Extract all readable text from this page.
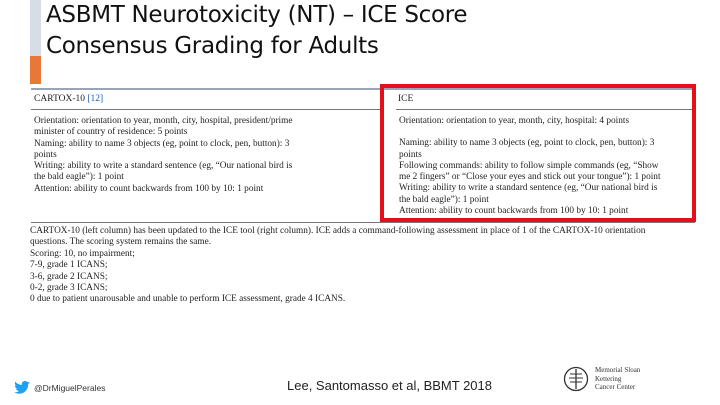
ASBMT Neurotoxicity (NT) – ICE Score
Consensus Grading for Adults
CARTOX-10 [12]	ICE

Orientation: orientation to year, month, city, hospital, president/prime

minister of country of residence: 5 points

Naming: ability to name 3 objects (eg, point to clock, pen, button): 3

points

Writing: ability to write a standard sentence (eg, “Our national bird is

the bald eagle”): 1 point

Attention: ability to count backwards from 100 by 10: 1 point

Orientation: orientation to year, month, city, hospital: 4 points

Naming: ability to name 3 objects (eg, point to clock, pen, button): 3

points

Following commands: ability to follow simple commands (eg, “Show

me 2 fingers” or “Close your eyes and stick out your tongue”): 1 point

Writing: ability to write a standard sentence (eg, “Our national bird is

the bald eagle”): 1 point

Attention: ability to count backwards from 100 by 10: 1 point

CARTOX-10 (left column) has been updated to the ICE tool (right column). ICE adds a command-following assessment in place of 1 of the CARTOX-10 orientation

questions. The scoring system remains the same.

Scoring: 10, no impairment;

7-9, grade 1 ICANS;

3-6, grade 2 ICANS;

0-2, grade 3 ICANS;

0 due to patient unarousable and unable to perform ICE assessment, grade 4 ICANS.

@DrMiguelPerales	Lee, Santomasso et al, BBMT 2018
Memorial Sloan Kettering
Cancer Center
